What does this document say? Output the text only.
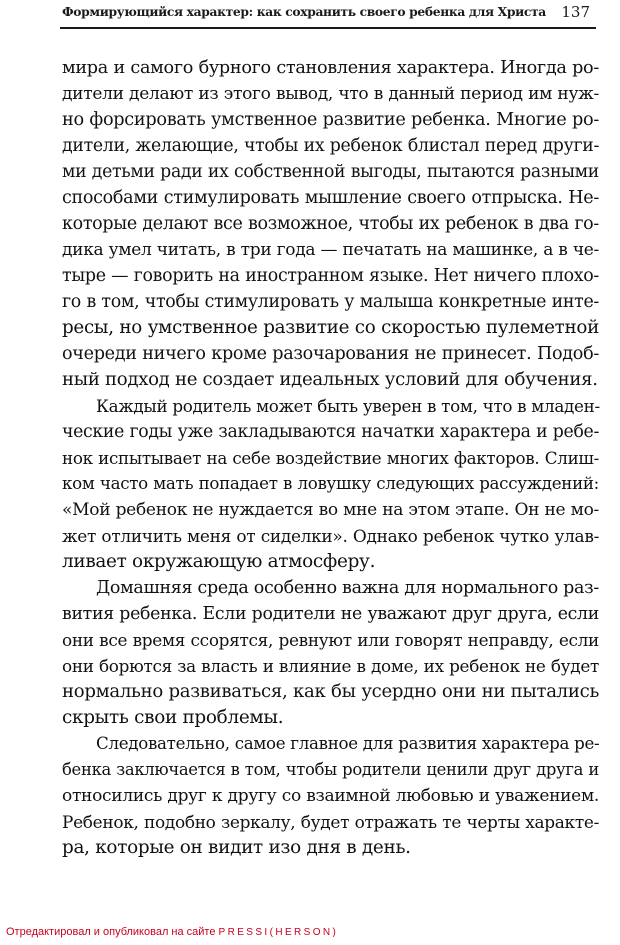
Формирующийся характер: как сохранить своего ребенка для Христа 137
мира и самого бурного становления характера. Иногда ро-
дители делают из этого вывод, что в данный период им нуж-
но форсировать умственное развитие ребенка. Многие ро-
дители, желающие, чтобы их ребенок блистал перед други-
ми детьми ради их собственной выгоды, пытаются разными
способами стимулировать мышление своего отпрыска. Не-
которые делают все возможное, чтобы их ребенок в два го-
дика умел читать, в три года — печатать на машинке, а в че-
тыре — говорить на иностранном языке. Нет ничего плохо-
го в том, чтобы стимулировать у малыша конкретные инте-
ресы, но умственное развитие со скоростью пулеметной
очереди ничего кроме разочарования не принесет. Подоб-
ный подход не создает идеальных условий для обучения.
Каждый родитель может быть уверен в том, что в младен-
ческие годы уже закладываются начатки характера и ребе-
нок испытывает на себе воздействие многих факторов. Слиш-
ком часто мать попадает в ловушку следующих рассуждений:
«Мой ребенок не нуждается во мне на этом этапе. Он не мо-
жет отличить меня от сиделки». Однако ребенок чутко улав-
ливает окружающую атмосферу.
Домашняя среда особенно важна для нормального раз-
вития ребенка. Если родители не уважают друг друга, если
они все время ссорятся, ревнуют или говорят неправду, если
они борются за власть и влияние в доме, их ребенок не будет
нормально развиваться, как бы усердно они ни пытались
скрыть свои проблемы.
Следовательно, самое главное для развития характера ре-
бенка заключается в том, чтобы родители ценили друг друга и
относились друг к другу со взаимной любовью и уважением.
Ребенок, подобно зеркалу, будет отражать те черты характе-
ра, которые он видит изо дня в день.
Отредактировал и опубликовал на сайте PRESSI(HERSON)
